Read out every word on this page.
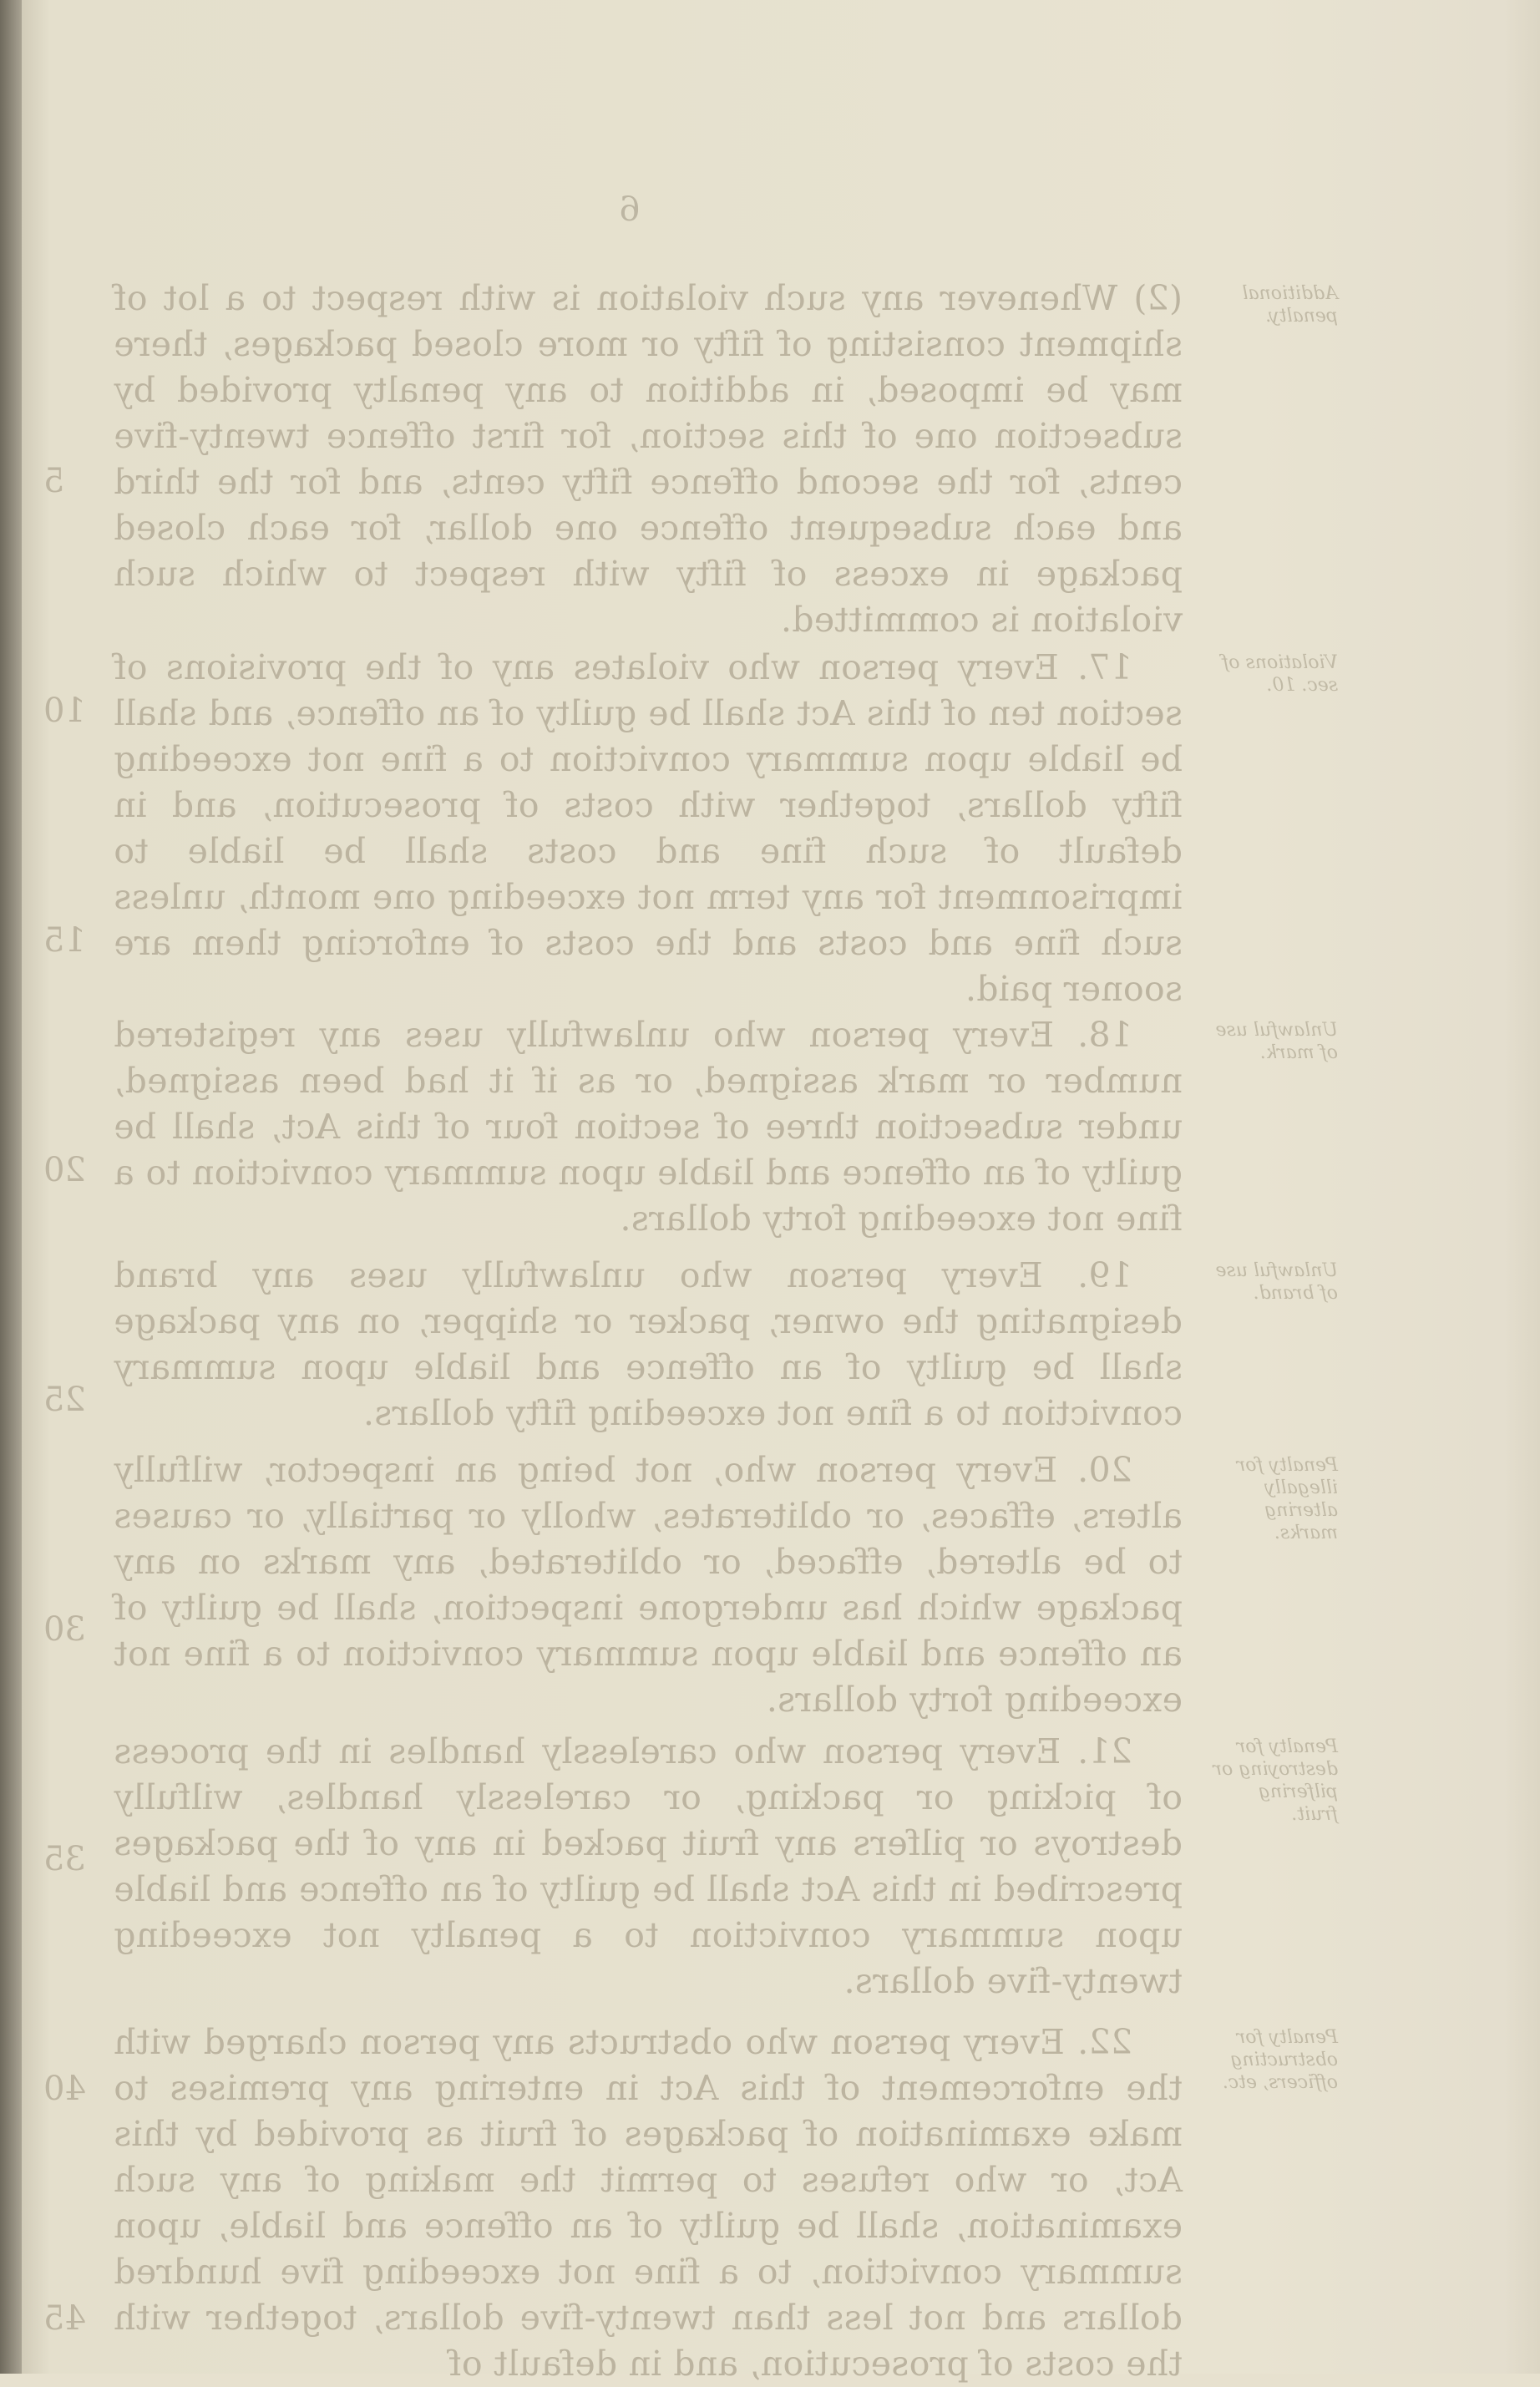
6
(2) Whenever any such violation is with respect to a lot of shipment consisting of fifty or more closed packages, there may be imposed, in addition to any penalty provided by subsection one of this section, for first offence twenty-five cents, for the second offence fifty cents, and for the third and each subsequent offence one dollar, for each closed package in excess of fifty with respect to which such violation is committed.
Additional penalty.
17. Every person who violates any of the provisions of section ten of this Act shall be guilty of an offence, and shall be liable upon summary conviction to a fine not exceeding fifty dollars, together with costs of prosecution, and in default of such fine and costs shall be liable to imprisonment for any term not exceeding one month, unless such fine and costs and the costs of enforcing them are sooner paid.
Violations of sec. 10.
18. Every person who unlawfully uses any registered number or mark assigned, or as if it had been assigned, under subsection three of section four of this Act, shall be guilty of an offence and liable upon summary conviction to a fine not exceeding forty dollars.
Unlawful use of mark.
19. Every person who unlawfully uses any brand designating the owner, packer or shipper, on any package shall be guilty of an offence and liable upon summary conviction to a fine not exceeding fifty dollars.
Unlawful use of brand.
20. Every person who, not being an inspector, wilfully alters, effaces, or obliterates, wholly or partially, or causes to be altered, effaced, or obliterated, any marks on any package which has undergone inspection, shall be guilty of an offence and liable upon summary conviction to a fine not exceeding forty dollars.
Penalty for illegally altering marks.
21. Every person who carelessly handles in the process of picking or packing, or carelessly handles, wilfully destroys or pilfers any fruit packed in any of the packages prescribed in this Act shall be guilty of an offence and liable upon summary conviction to a penalty not exceeding twenty-five dollars.
Penalty for destroying or pilfering fruit.
22. Every person who obstructs any person charged with the enforcement of this Act in entering any premises to make examination of packages of fruit as provided by this Act, or who refuses to permit the making of any such examination, shall be guilty of an offence and liable, upon summary conviction, to a fine not exceeding five hundred dollars and not less than twenty-five dollars, together with the costs of prosecution, and in default of
Penalty for obstructing officers, etc.
5
10
15
20
25
30
35
40
45
